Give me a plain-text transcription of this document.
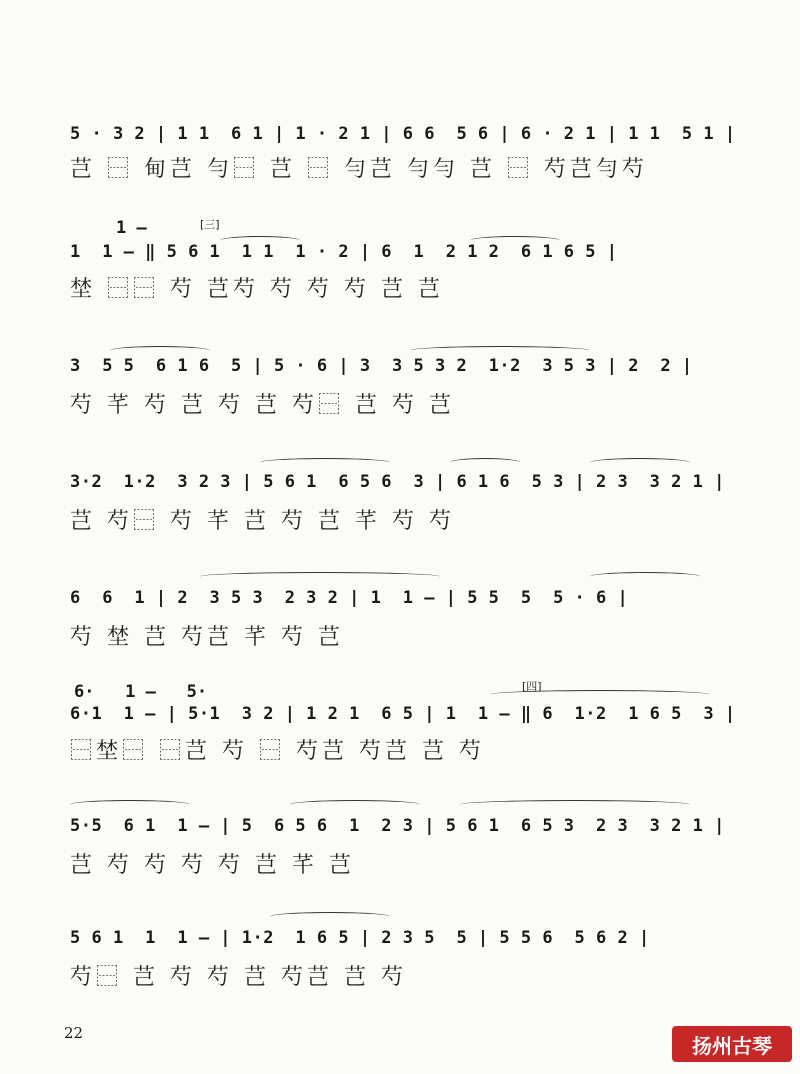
5 · 3 2 | 1 1  6 1 | 1 · 2 1 | 6 6  5 6 | 6 · 2 1 | 1 1  5 1 |
芑 ⿱ 甸芑 勻⿱ 芑 ⿱ 勻芑 勻勻 芑 ⿱ 芍芑勻芍
[三]
1 —
1  1 — ‖ 5 6 1  1 1  1 · 2 | 6  1  2 1 2  6 1 6 5 |
埜 ⿱⿱ 芍 芑芍 芍 芍 芍 芑 芑
3  5 5  6 1 6  5 | 5 · 6 | 3  3 5 3 2  1·2  3 5 3 | 2  2 |
芍 芊 芍 芑 芍 芑 芍⿱ 芑 芍 芑
3·2  1·2  3 2 3 | 5 6 1  6 5 6  3 | 6 1 6  5 3 | 2 3  3 2 1 |
芑 芍⿱ 芍 芊 芑 芍 芑 芊 芍 芍
6  6  1 | 2  3 5 3  2 3 2 | 1  1 — | 5 5  5  5 · 6 |
芍 埜 芑 芍芑 芊 芍 芑
[四]
6·   1 —   5·
6·1  1 — | 5·1  3 2 | 1 2 1  6 5 | 1  1 — ‖ 6  1·2  1 6 5  3 |
⿱埜⿱ ⿱芑 芍 ⿱ 芍芑 芍芑 芑 芍
5·5  6 1  1 — | 5  6 5 6  1  2 3 | 5 6 1  6 5 3  2 3  3 2 1 |
芑 芍 芍 芍 芍 芑 芊 芑
5 6 1  1  1 — | 1·2  1 6 5 | 2 3 5  5 | 5 5 6  5 6 2 |
芍⿱ 芑 芍 芍 芑 芍芑 芑 芍
22
扬州古琴
